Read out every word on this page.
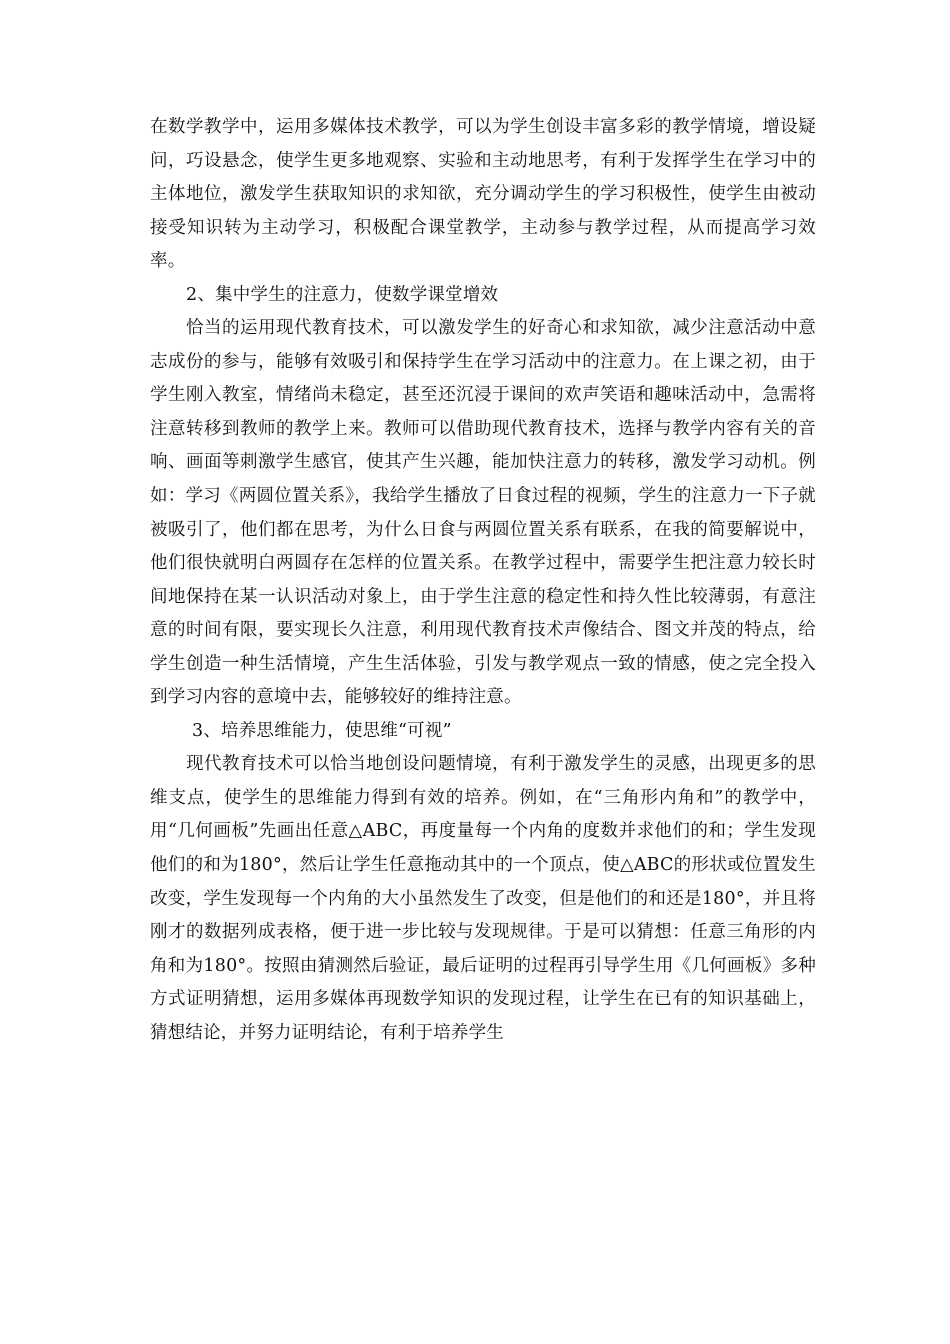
在数学教学中，运用多媒体技术教学，可以为学生创设丰富多彩的教学情境，增设疑问，巧设悬念，使学生更多地观察、实验和主动地思考，有利于发挥学生在学习中的主体地位，激发学生获取知识的求知欲，充分调动学生的学习积极性，使学生由被动接受知识转为主动学习，积极配合课堂教学，主动参与教学过程，从而提高学习效率。

2、集中学生的注意力，使数学课堂增效

恰当的运用现代教育技术，可以激发学生的好奇心和求知欲，减少注意活动中意志成份的参与，能够有效吸引和保持学生在学习活动中的注意力。在上课之初，由于学生刚入教室，情绪尚未稳定，甚至还沉浸于课间的欢声笑语和趣味活动中，急需将注意转移到教师的教学上来。教师可以借助现代教育技术，选择与教学内容有关的音响、画面等刺激学生感官，使其产生兴趣，能加快注意力的转移，激发学习动机。例如：学习《两圆位置关系》，我给学生播放了日食过程的视频，学生的注意力一下子就被吸引了，他们都在思考，为什么日食与两圆位置关系有联系，在我的简要解说中，他们很快就明白两圆存在怎样的位置关系。在教学过程中，需要学生把注意力较长时间地保持在某一认识活动对象上，由于学生注意的稳定性和持久性比较薄弱，有意注意的时间有限，要实现长久注意，利用现代教育技术声像结合、图文并茂的特点，给学生创造一种生活情境，产生生活体验，引发与教学观点一致的情感，使之完全投入到学习内容的意境中去，能够较好的维持注意。

3、培养思维能力，使思维“可视”

现代教育技术可以恰当地创设问题情境，有利于激发学生的灵感，出现更多的思维支点，使学生的思维能力得到有效的培养。例如，在“三角形内角和”的教学中，用“几何画板”先画出任意△ABC，再度量每一个内角的度数并求他们的和；学生发现他们的和为180°，然后让学生任意拖动其中的一个顶点，使△ABC的形状或位置发生改变，学生发现每一个内角的大小虽然发生了改变，但是他们的和还是180°，并且将刚才的数据列成表格，便于进一步比较与发现规律。于是可以猜想：任意三角形的内角和为180°。按照由猜测然后验证，最后证明的过程再引导学生用《几何画板》多种方式证明猜想，运用多媒体再现数学知识的发现过程，让学生在已有的知识基础上，猜想结论，并努力证明结论，有利于培养学生
